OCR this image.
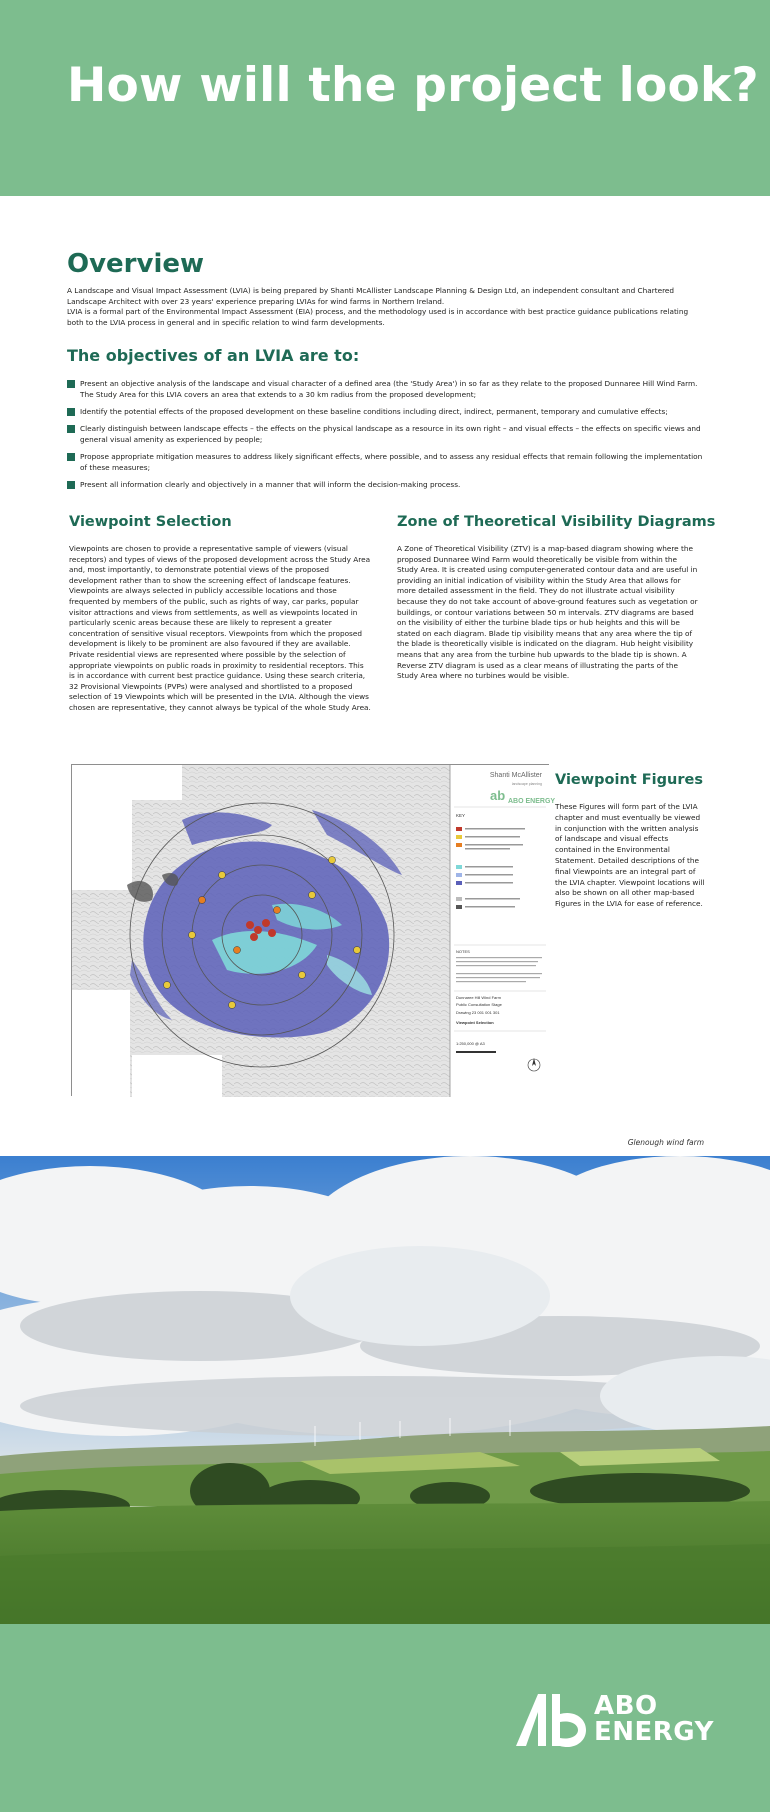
How will the project look?
Overview
A Landscape and Visual Impact Assessment (LVIA) is being prepared by Shanti McAllister Landscape Planning & Design Ltd, an independent consultant and Chartered Landscape Architect with over 23 years' experience preparing LVIAs for wind farms in Northern Ireland.
LVIA is a formal part of the Environmental Impact Assessment (EIA) process, and the methodology used is in accordance with best practice guidance publications relating both to the LVIA process in general and in specific relation to wind farm developments.
The objectives of an LVIA are to:
Present an objective analysis of the landscape and visual character of a defined area (the 'Study Area') in so far as they relate to the proposed Dunnaree Hill Wind Farm. The Study Area for this LVIA covers an area that extends to a 30 km radius from the proposed development;
Identify the potential effects of the proposed development on these baseline conditions including direct, indirect, permanent, temporary and cumulative effects;
Clearly distinguish between landscape effects – the effects on the physical landscape as a resource in its own right – and visual effects – the effects on specific views and general visual amenity as experienced by people;
Propose appropriate mitigation measures to address likely significant effects, where possible, and to assess any residual effects that remain following the implementation of these measures;
Present all information clearly and objectively in a manner that will inform the decision-making process.
Viewpoint Selection

Viewpoints are chosen to provide a representative sample of viewers (visual receptors) and types of views of the proposed development across the Study Area and, most importantly, to demonstrate potential views of the proposed development rather than to show the screening effect of landscape features. Viewpoints are always selected in publicly accessible locations and those frequented by members of the public, such as rights of way, car parks, popular visitor attractions and views from settlements, as well as viewpoints located in particularly scenic areas because these are likely to represent a greater concentration of sensitive visual receptors. Viewpoints from which the proposed development is likely to be prominent are also favoured if they are available. Private residential views are represented where possible by the selection of appropriate viewpoints on public roads in proximity to residential receptors. This is in accordance with current best practice guidance. Using these search criteria, 32 Provisional Viewpoints (PVPs) were analysed and shortlisted to a proposed selection of 19 Viewpoints which will be presented in the LVIA. Although the views chosen are representative, they cannot always be typical of the whole Study Area.

Zone of Theoretical Visibility Diagrams

A Zone of Theoretical Visibility (ZTV) is a map-based diagram showing where the proposed Dunnaree Wind Farm would theoretically be visible from within the Study Area. It is created using computer-generated contour data and are useful in providing an initial indication of visibility within the Study Area that allows for more detailed assessment in the field. They do not illustrate actual visibility because they do not take account of above-ground features such as vegetation or buildings, or contour variations between 50 m intervals. ZTV diagrams are based on the visibility of either the turbine blade tips or hub heights and this will be stated on each diagram. Blade tip visibility means that any area where the tip of the blade is theoretically visible is indicated on the diagram. Hub height visibility means that any area from the turbine hub upwards to the blade tip is shown. A Reverse ZTV diagram is used as a clear means of illustrating the parts of the Study Area where no turbines would be visible.

Shanti McAllister
landscape planning
ab ABO ENERGY
KEY
NOTES
Dunnaree Hill Wind Farm
Public Consultation Stage
Drawing 23 001 001 301
Viewpoint Selection
1:250,000 @ A3
Viewpoint Figures

These Figures will form part of the LVIA chapter and must eventually be viewed in conjunction with the written analysis of landscape and visual effects contained in the Environmental Statement. Detailed descriptions of the final Viewpoints are an integral part of the LVIA chapter. Viewpoint locations will also be shown on all other map-based Figures in the LVIA for ease of reference.

Glenough wind farm
ABO
ENERGY
